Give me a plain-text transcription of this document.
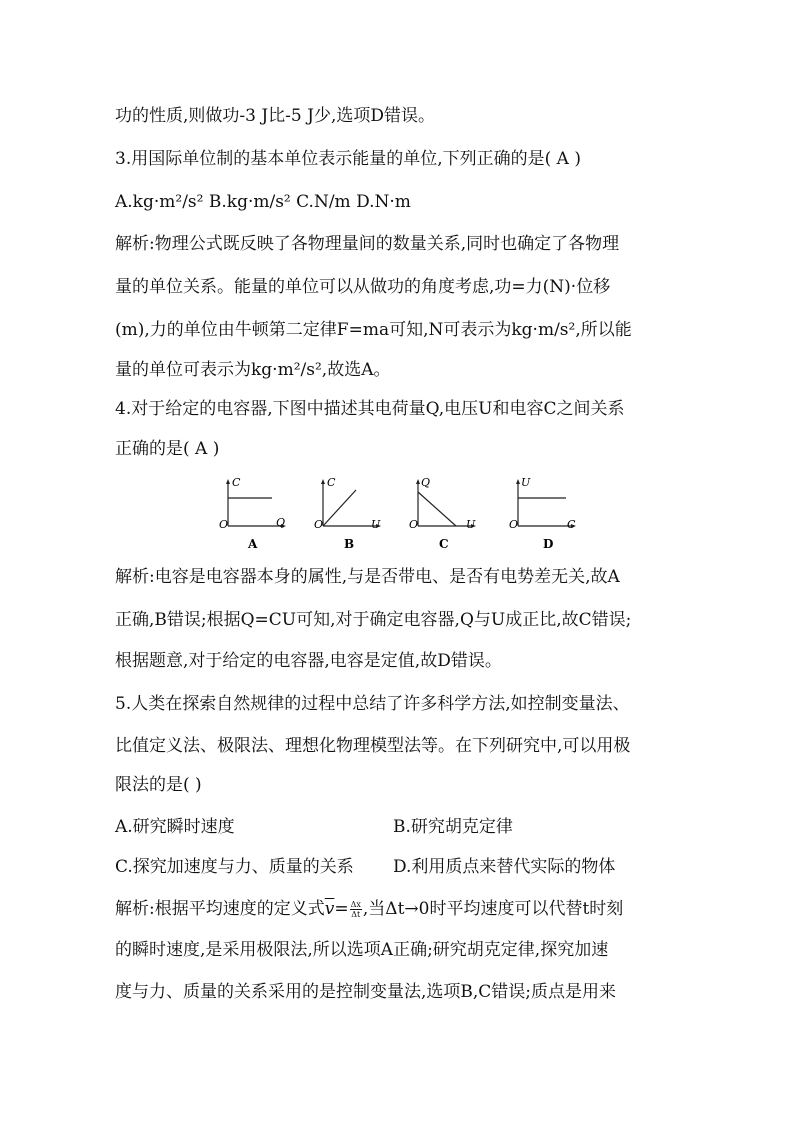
功的性质,则做功-3 J比-5 J少,选项D错误。
3.用国际单位制的基本单位表示能量的单位,下列正确的是( A )
A.kg·m²/s² B.kg·m/s² C.N/m D.N·m
解析:物理公式既反映了各物理量间的数量关系,同时也确定了各物理
量的单位关系。能量的单位可以从做功的角度考虑,功=力(N)·位移
(m),力的单位由牛顿第二定律F=ma可知,N可表示为kg·m/s²,所以能
量的单位可表示为kg·m²/s²,故选A。
4.对于给定的电容器,下图中描述其电荷量Q,电压U和电容C之间关系
正确的是( A )
C
Q
O
A
C
U
O
B
Q
U
O
C
U
C
O
D
解析:电容是电容器本身的属性,与是否带电、是否有电势差无关,故A
正确,B错误;根据Q=CU可知,对于确定电容器,Q与U成正比,故C错误;
根据题意,对于给定的电容器,电容是定值,故D错误。
5.人类在探索自然规律的过程中总结了许多科学方法,如控制变量法、
比值定义法、极限法、理想化物理模型法等。在下列研究中,可以用极
限法的是( )
A.研究瞬时速度	B.研究胡克定律
C.探究加速度与力、质量的关系 D.利用质点来替代实际的物体
解析:根据平均速度的定义式$\overline{v}= \frac{\Delta x}{\Delta t}$ ,当Δt→0时平均速度可以代替t时刻
的瞬时速度,是采用极限法,所以选项A正确;研究胡克定律,探究加速
度与力、质量的关系采用的是控制变量法,选项B,C错误;质点是用来
